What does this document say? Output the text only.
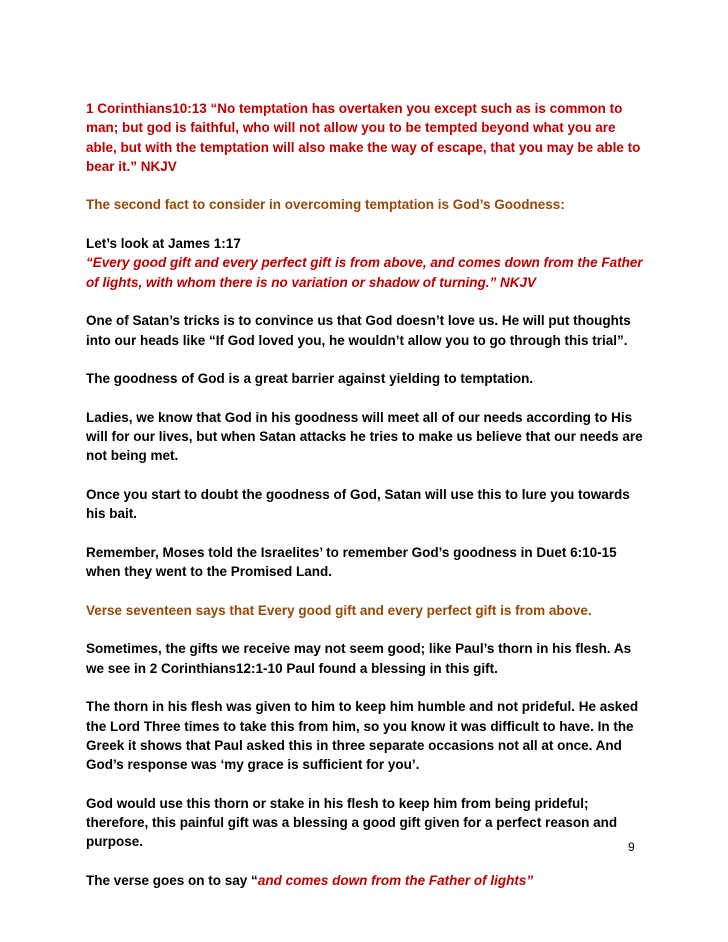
1 Corinthians10:13 “No temptation has overtaken you except such as is common to man; but god is faithful, who will not allow you to be tempted beyond what you are able, but with the temptation will also make the way of escape, that you may be able to bear it.” NKJV

The second fact to consider in overcoming temptation is God’s Goodness:

Let’s look at James 1:17
“Every good gift and every perfect gift is from above, and comes down from the Father of lights, with whom there is no variation or shadow of turning.” NKJV

One of Satan’s tricks is to convince us that God doesn’t love us. He will put thoughts into our heads like “If God loved you, he wouldn’t allow you to go through this trial”.

The goodness of God is a great barrier against yielding to temptation.

Ladies, we know that God in his goodness will meet all of our needs according to His will for our lives, but when Satan attacks he tries to make us believe that our needs are not being met.

Once you start to doubt the goodness of God, Satan will use this to lure you towards his bait.

Remember, Moses told the Israelites’ to remember God’s goodness in Duet 6:10-15 when they went to the Promised Land.

Verse seventeen says that Every good gift and every perfect gift is from above.

Sometimes, the gifts we receive may not seem good; like Paul’s thorn in his flesh. As we see in 2 Corinthians12:1-10 Paul found a blessing in this gift.

The thorn in his flesh was given to him to keep him humble and not prideful. He asked the Lord Three times to take this from him, so you know it was difficult to have. In the Greek it shows that Paul asked this in three separate occasions not all at once. And God’s response was ‘my grace is sufficient for you’.

God would use this thorn or stake in his flesh to keep him from being prideful; therefore, this painful gift was a blessing a good gift given for a perfect reason and purpose.

The verse goes on to say “and comes down from the Father of lights”

9
